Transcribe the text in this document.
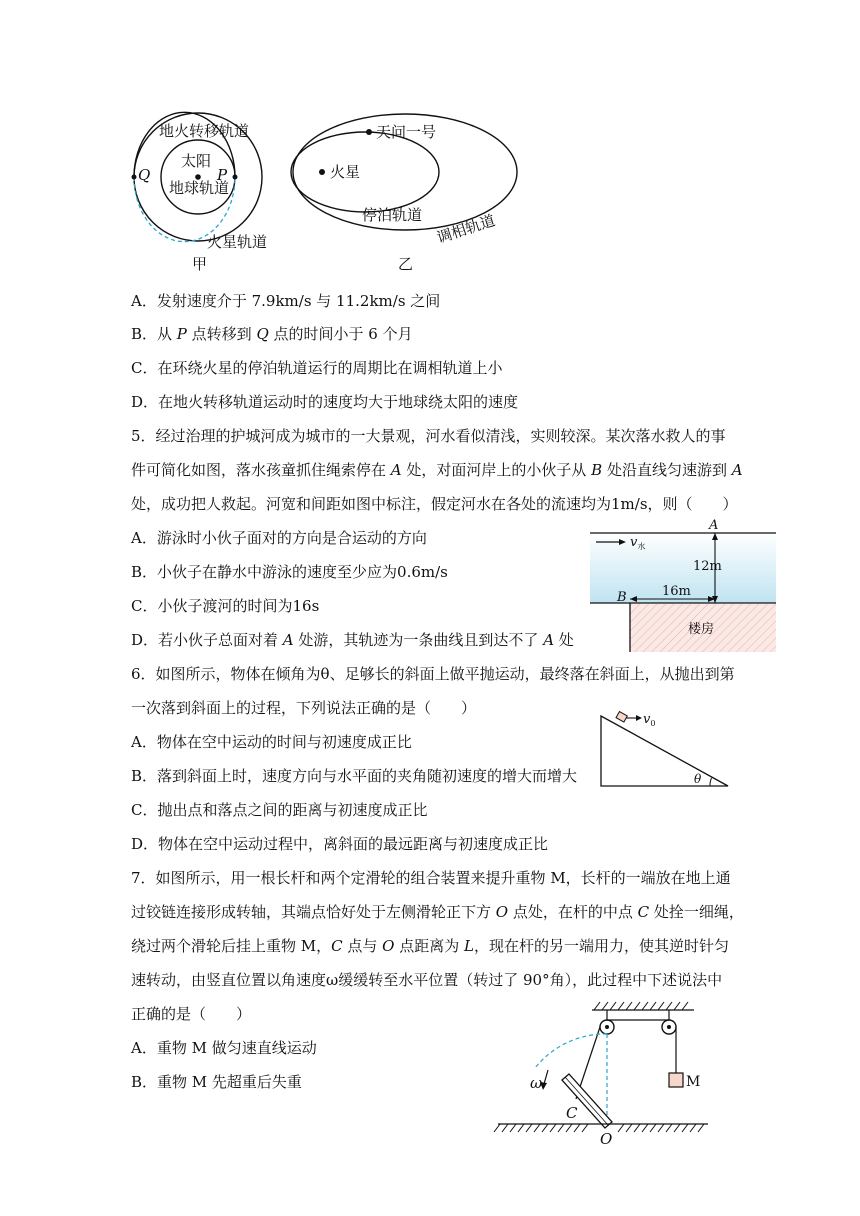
地火转移轨道
太阳
地球轨道
火星轨道
Q	P
甲
天问一号
火星
停泊轨道 调相轨道
乙
A．发射速度介于 7.9km/s 与 11.2km/s 之间
B．从 P 点转移到 Q 点的时间小于 6 个月
C．在环绕火星的停泊轨道运行的周期比在调相轨道上小
D．在地火转移轨道运动时的速度均大于地球绕太阳的速度
5．经过治理的护城河成为城市的一大景观，河水看似清浅，实则较深。某次落水救人的事
件可简化如图，落水孩童抓住绳索停在 A 处，对面河岸上的小伙子从 B 处沿直线匀速游到 A
处，成功把人救起。河宽和间距如图中标注，假定河水在各处的流速均为1m/s，则（　　）
A．游泳时小伙子面对的方向是合运动的方向
B．小伙子在静水中游泳的速度至少应为0.6m/s
C．小伙子渡河的时间为16s
D．若小伙子总面对着 A 处游，其轨迹为一条曲线且到达不了 A 处
$v_水$
12m
16m
A
B
楼房
6．如图所示，物体在倾角为θ、足够长的斜面上做平抛运动，最终落在斜面上，从抛出到第
一次落到斜面上的过程，下列说法正确的是（　　）
A．物体在空中运动的时间与初速度成正比
B．落到斜面上时，速度方向与水平面的夹角随初速度的增大而增大
C．抛出点和落点之间的距离与初速度成正比
D．物体在空中运动过程中，离斜面的最远距离与初速度成正比
$v_0$
θ
7．如图所示，用一根长杆和两个定滑轮的组合装置来提升重物 M，长杆的一端放在地上通
过铰链连接形成转轴，其端点恰好处于左侧滑轮正下方 O 点处，在杆的中点 C 处拴一细绳，
绕过两个滑轮后挂上重物 M，C 点与 O 点距离为 L，现在杆的另一端用力，使其逆时针匀
速转动，由竖直位置以角速度ω缓缓转至水平位置（转过了 90°角），此过程中下述说法中
正确的是（　　）
A．重物 M 做匀速直线运动
B．重物 M 先超重后失重	M
ω
C
O
